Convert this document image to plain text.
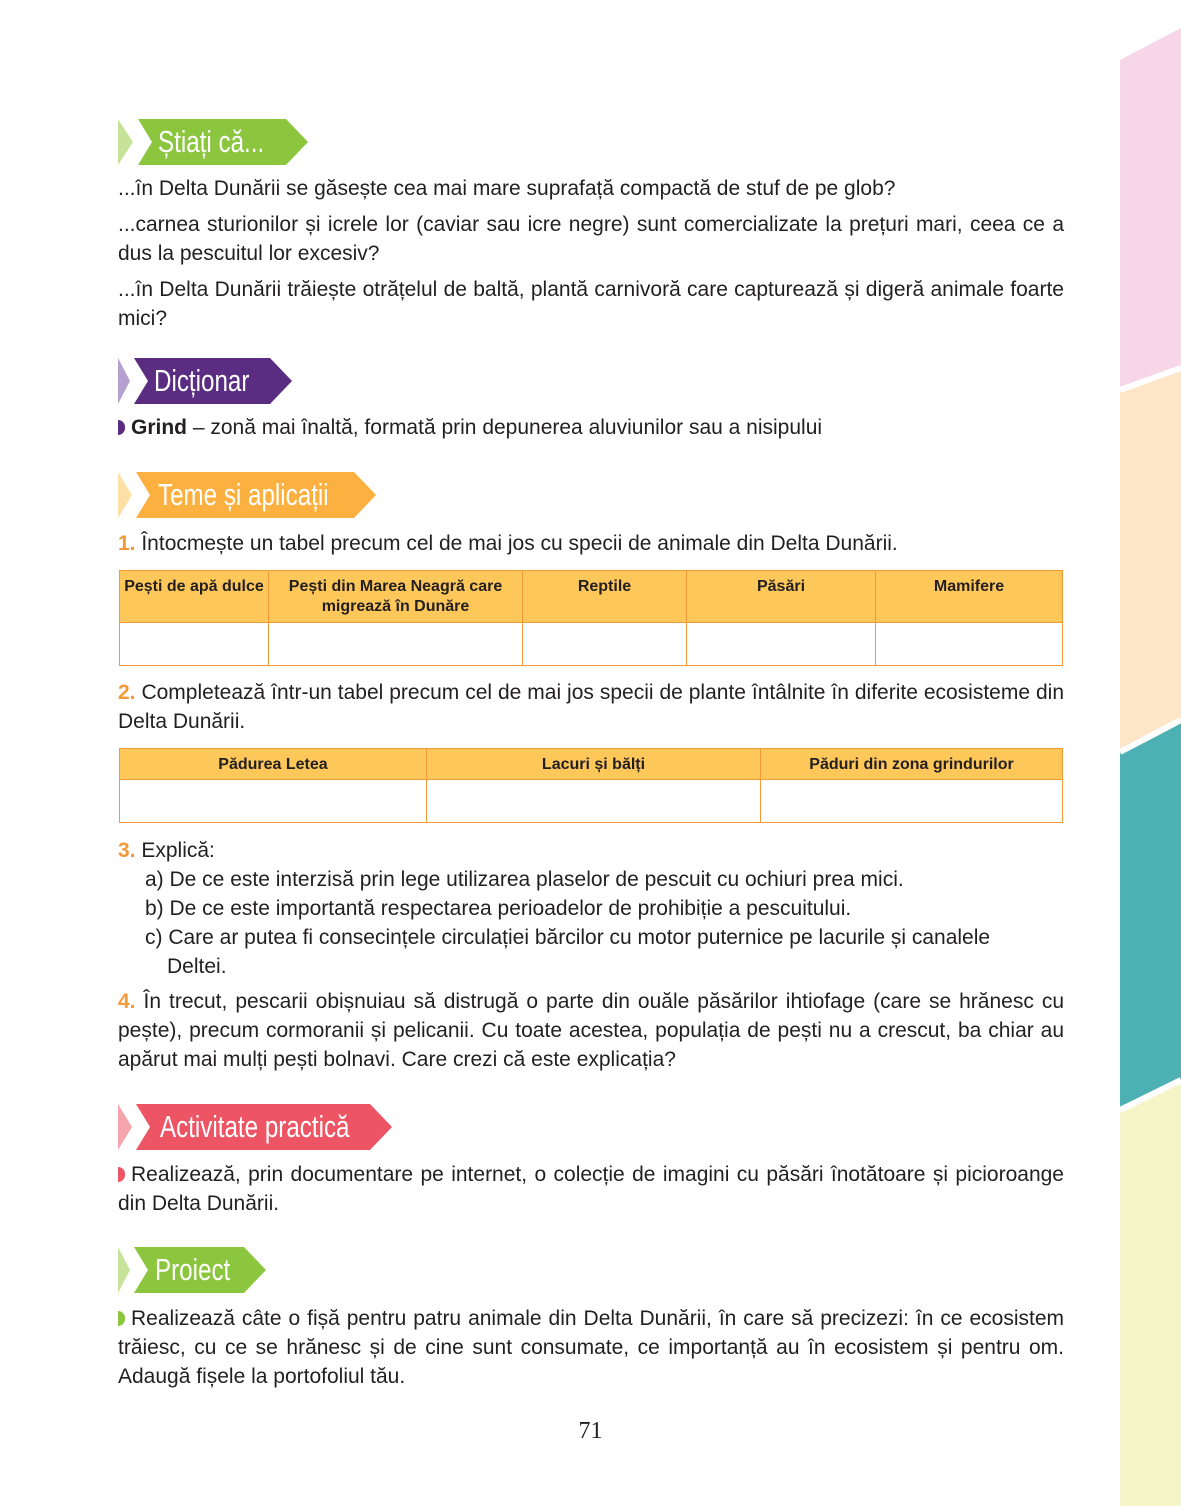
Știați că...

...în Delta Dunării se găsește cea mai mare suprafață compactă de stuf de pe glob?

...carnea sturionilor și icrele lor (caviar sau icre negre) sunt comercializate la prețuri mari, ceea ce a dus la pescuitul lor excesiv?

...în Delta Dunării trăiește otrățelul de baltă, plantă carnivoră care capturează și digeră animale foarte mici?

Dicționar

Grind – zonă mai înaltă, formată prin depunerea aluviunilor sau a nisipului

Teme și aplicații

1. Întocmește un tabel precum cel de mai jos cu specii de animale din Delta Dunării.

Pești de apă dulce	Pești din Marea Neagră care migrează în Dunăre	Reptile	Păsări	Mamifere

2. Completează într-un tabel precum cel de mai jos specii de plante întâlnite în diferite ecosisteme din Delta Dunării.

Pădurea Letea	Lacuri și bălți	Păduri din zona grindurilor

3. Explică:

a) De ce este interzisă prin lege utilizarea plaselor de pescuit cu ochiuri prea mici.

b) De ce este importantă respectarea perioadelor de prohibiție a pescuitului.

c) Care ar putea fi consecințele circulației bărcilor cu motor puternice pe lacurile și canalele

Deltei.

4. În trecut, pescarii obișnuiau să distrugă o parte din ouăle păsărilor ihtiofage (care se hrănesc cu pește), precum cormoranii și pelicanii. Cu toate acestea, populația de pești nu a crescut, ba chiar au apărut mai mulți pești bolnavi. Care crezi că este explicația?

Activitate practică

Realizează, prin documentare pe internet, o colecție de imagini cu păsări înotătoare și picioroange din Delta Dunării.

Proiect

Realizează câte o fișă pentru patru animale din Delta Dunării, în care să precizezi: în ce ecosistem trăiesc, cu ce se hrănesc și de cine sunt consumate, ce importanță au în ecosistem și pentru om. Adaugă fișele la portofoliul tău.

71
